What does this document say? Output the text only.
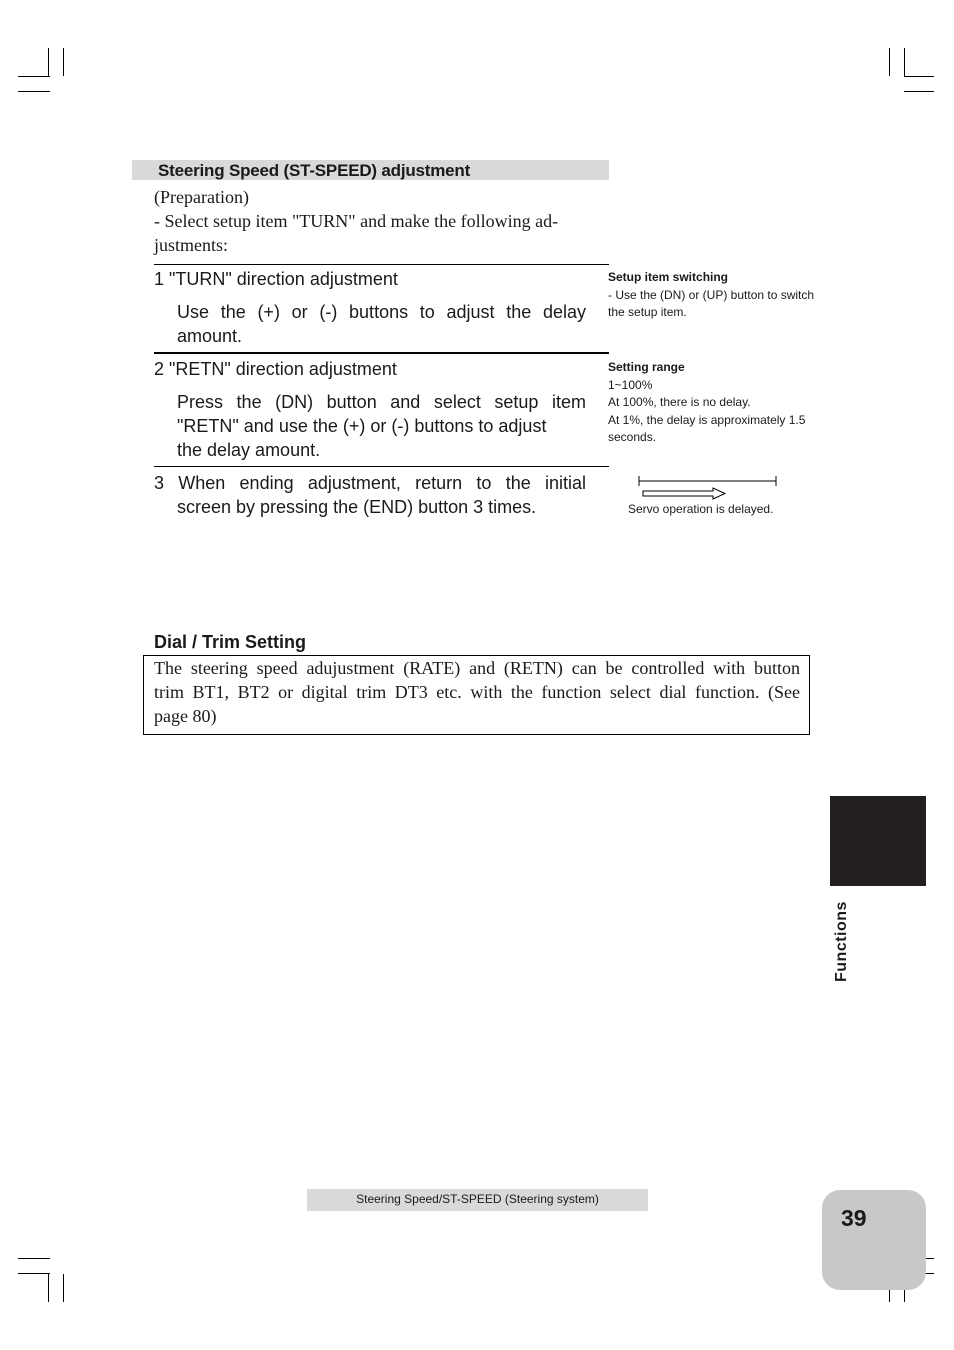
Steering Speed (ST-SPEED) adjustment
(Preparation)
- Select setup item "TURN" and make the following ad-
justments:
1 "TURN" direction adjustment
Use the (+) or (-) buttons to adjust the delay
amount.
2 "RETN" direction adjustment
Press the (DN) button and select setup item
"RETN" and use the (+) or (-) buttons to adjust
the delay amount.
3 When ending adjustment, return to the initial
screen by pressing the (END) button 3 times.
Setup item switching
- Use the (DN) or (UP) button to switch
the setup item.
Setting range
1~100%
At 100%, there is no delay.
At 1%, the delay is approximately 1.5
seconds.
Servo operation is delayed.
Dial / Trim Setting
The steering speed adujustment (RATE) and (RETN) can be controlled with button
trim BT1, BT2 or digital trim DT3 etc. with the function select dial function. (See
page 80)
Functions
Steering Speed/ST-SPEED (Steering system)
39
